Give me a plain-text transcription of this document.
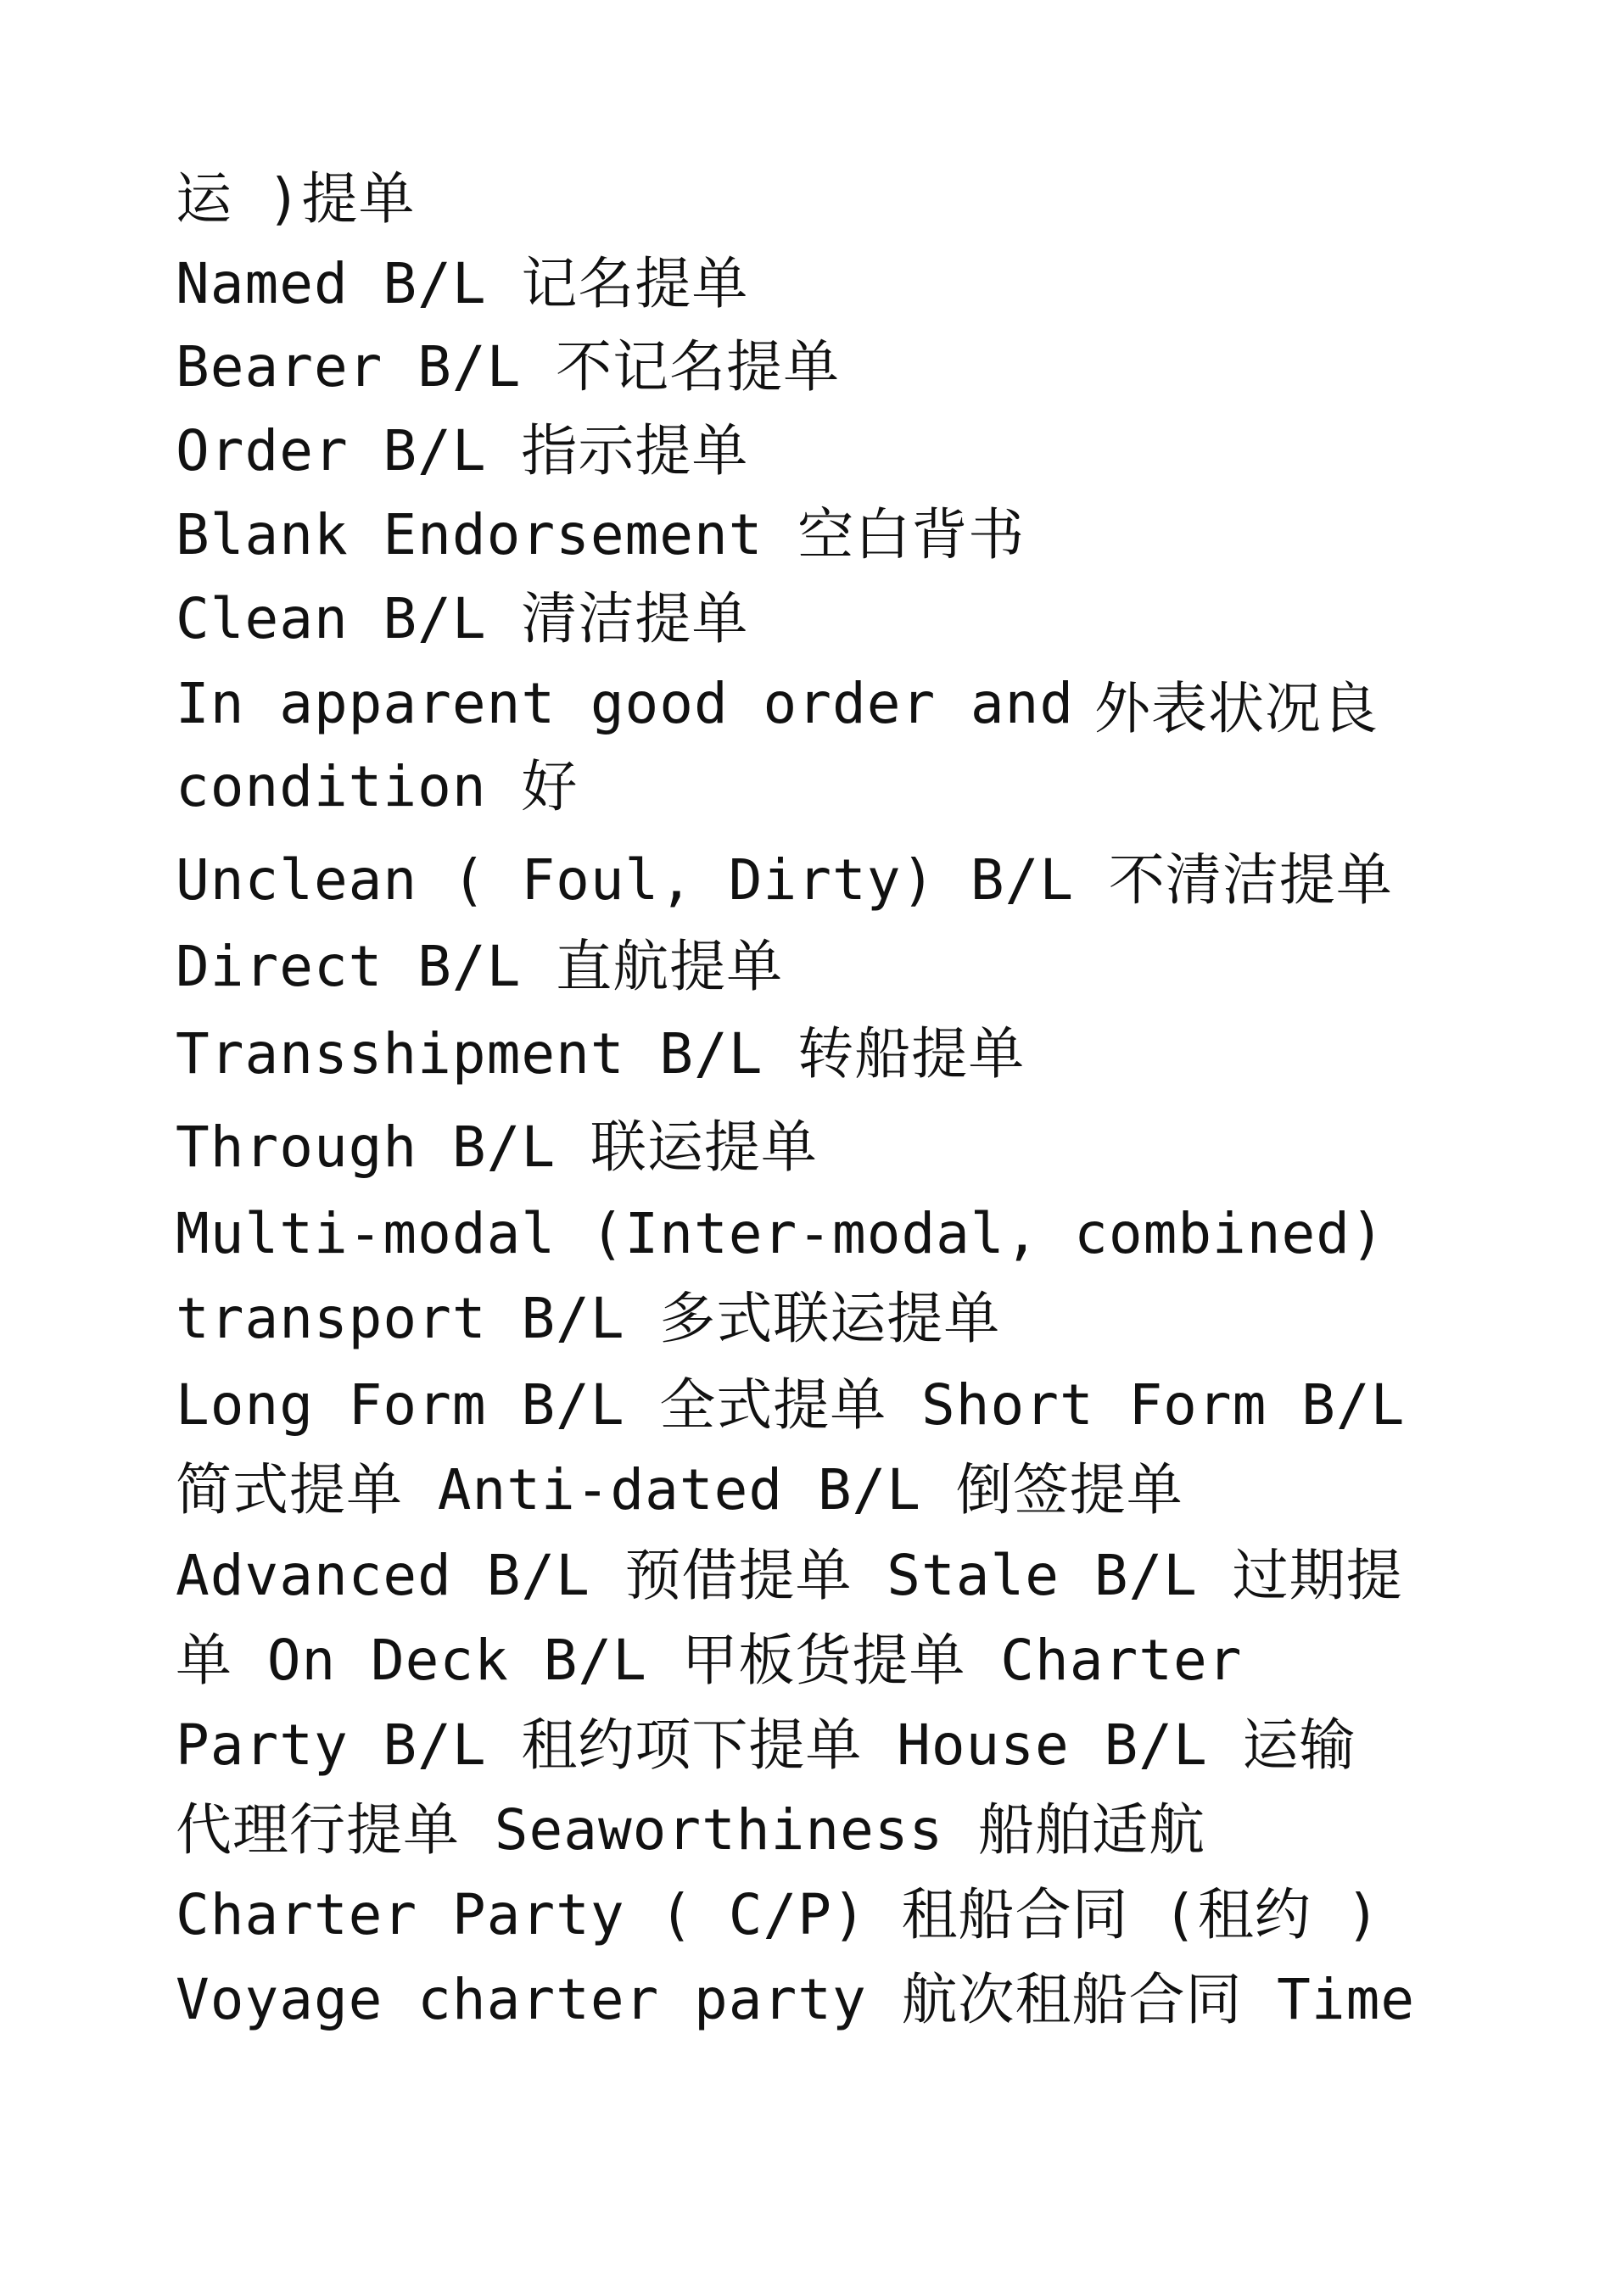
运 )提单
Named B/L 记名提单
Bearer B/L 不记名提单
Order B/L 指示提单
Blank Endorsement 空白背书
Clean B/L 清洁提单
In apparent good order and 外表状况良
condition 好
Unclean ( Foul, Dirty) B/L 不清洁提单
Direct B/L 直航提单
Transshipment B/L 转船提单
Through B/L 联运提单
Multi-modal (Inter-modal, combined)
transport B/L 多式联运提单
Long Form B/L 全式提单 Short Form B/L
简式提单 Anti-dated B/L 倒签提单
Advanced B/L 预借提单 Stale B/L 过期提
单 On Deck B/L 甲板货提单 Charter
Party B/L 租约项下提单 House B/L 运输
代理行提单 Seaworthiness 船舶适航
Charter Party ( C/P) 租船合同 (租约 )
Voyage charter party 航次租船合同 Time
